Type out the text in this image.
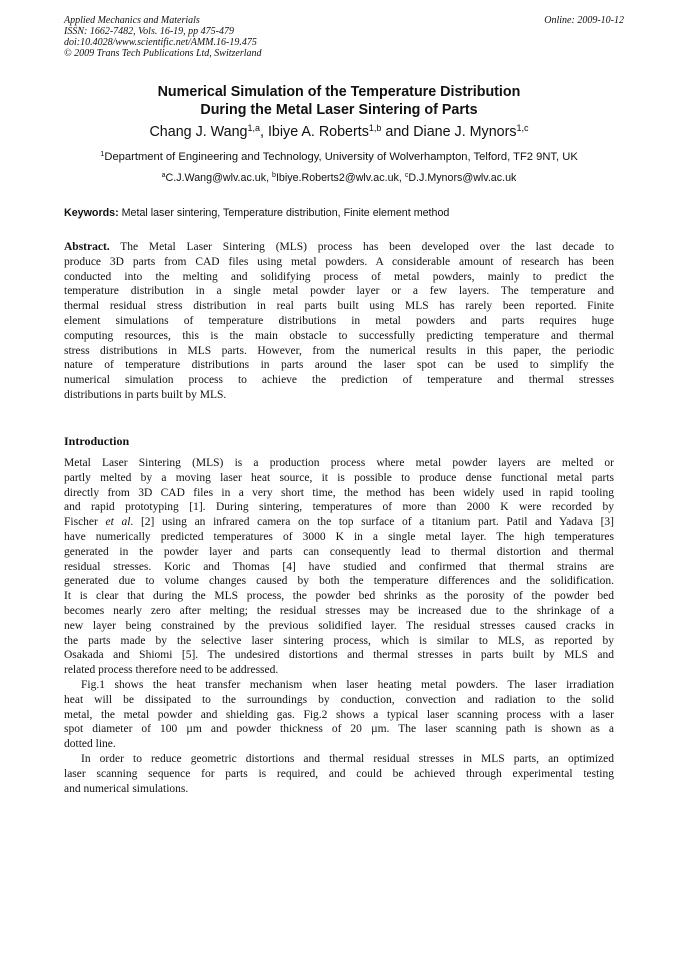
Applied Mechanics and Materials
ISSN: 1662-7482, Vols. 16-19, pp 475-479
doi:10.4028/www.scientific.net/AMM.16-19.475
© 2009 Trans Tech Publications Ltd, Switzerland
Online: 2009-10-12
Numerical Simulation of the Temperature Distribution
During the Metal Laser Sintering of Parts
Chang J. Wang$^{1,a}$, Ibiye A. Roberts$^{1,b}$ and Diane J. Mynors$^{1,c}$
$^1$Department of Engineering and Technology, University of Wolverhampton, Telford, TF2 9NT, UK
$^a$C.J.Wang@wlv.ac.uk, $^b$Ibiye.Roberts2@wlv.ac.uk, $^c$D.J.Mynors@wlv.ac.uk
Keywords: Metal laser sintering, Temperature distribution, Finite element method
Abstract. The Metal Laser Sintering (MLS) process has been developed over the last decade to
produce 3D parts from CAD files using metal powders. A considerable amount of research has been
conducted into the melting and solidifying process of metal powders, mainly to predict the
temperature distribution in a single metal powder layer or a few layers. The temperature and
thermal residual stress distribution in real parts built using MLS has rarely been reported. Finite
element simulations of temperature distributions in metal powders and parts requires huge
computing resources, this is the main obstacle to successfully predicting temperature and thermal
stress distributions in MLS parts. However, from the numerical results in this paper, the periodic
nature of temperature distributions in parts around the laser spot can be used to simplify the
numerical simulation process to achieve the prediction of temperature and thermal stresses
distributions in parts built by MLS.
Introduction
Metal Laser Sintering (MLS) is a production process where metal powder layers are melted or
partly melted by a moving laser heat source, it is possible to produce dense functional metal parts
directly from 3D CAD files in a very short time, the method has been widely used in rapid tooling
and rapid prototyping [1]. During sintering, temperatures of more than 2000 K were recorded by
Fischer et al. [2] using an infrared camera on the top surface of a titanium part. Patil and Yadava [3]
have numerically predicted temperatures of 3000 K in a single metal layer. The high temperatures
generated in the powder layer and parts can consequently lead to thermal distortion and thermal
residual stresses. Koric and Thomas [4] have studied and confirmed that thermal strains are
generated due to volume changes caused by both the temperature differences and the solidification.
It is clear that during the MLS process, the powder bed shrinks as the porosity of the powder bed
becomes nearly zero after melting; the residual stresses may be increased due to the shrinkage of a
new layer being constrained by the previous solidified layer. The residual stresses caused cracks in
the parts made by the selective laser sintering process, which is similar to MLS, as reported by
Osakada and Shiomi [5]. The undesired distortions and thermal stresses in parts built by MLS and
related process therefore need to be addressed.
Fig.1 shows the heat transfer mechanism when laser heating metal powders. The laser irradiation
heat will be dissipated to the surroundings by conduction, convection and radiation to the solid
metal, the metal powder and shielding gas. Fig.2 shows a typical laser scanning process with a laser
spot diameter of 100 µm and powder thickness of 20 µm. The laser scanning path is shown as a
dotted line.
In order to reduce geometric distortions and thermal residual stresses in MLS parts, an optimized
laser scanning sequence for parts is required, and could be achieved through experimental testing
and numerical simulations.
